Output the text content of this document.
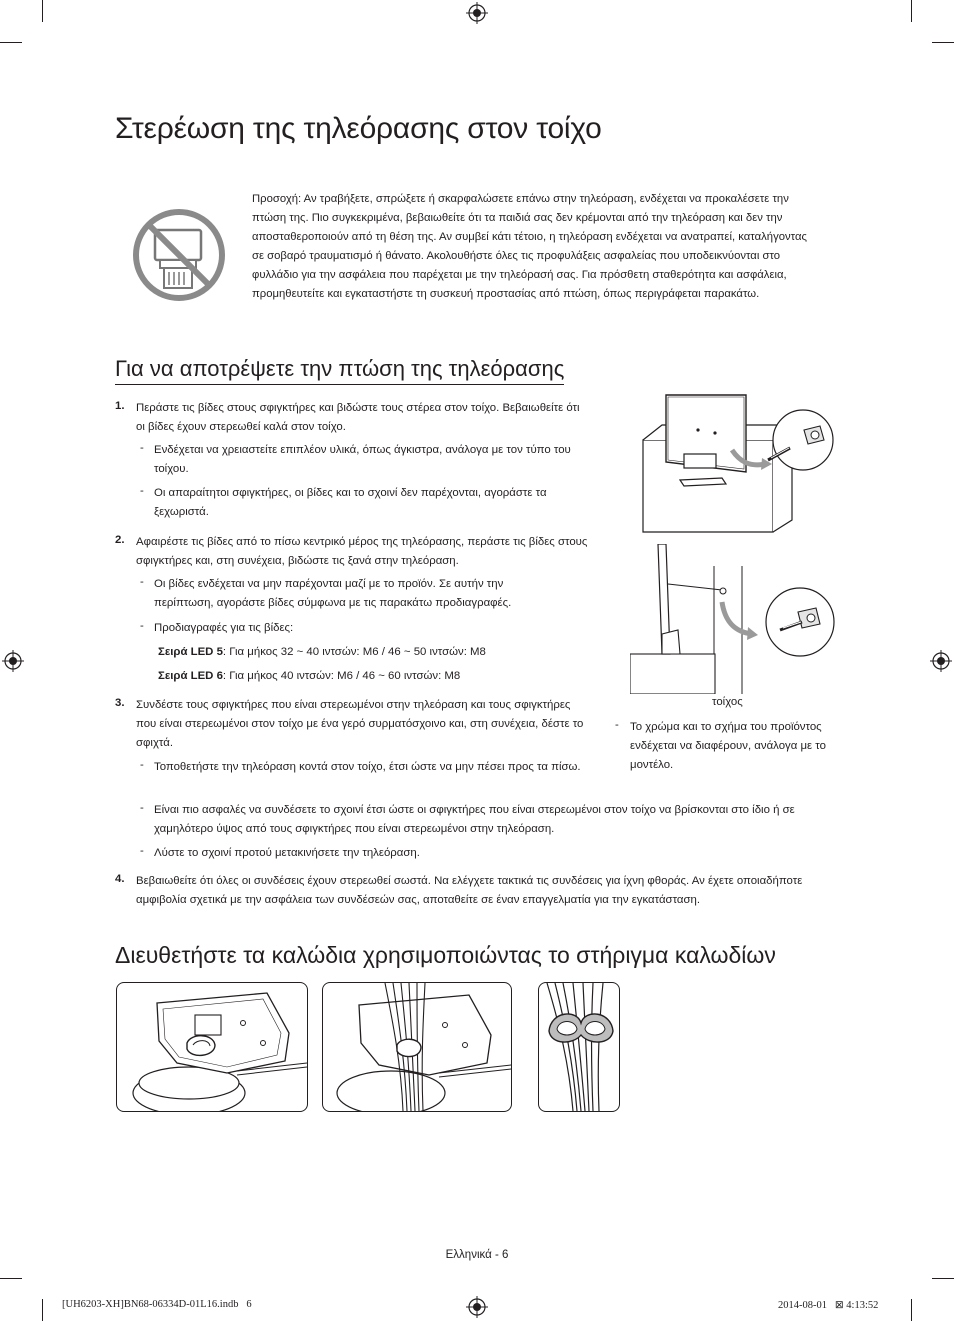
Στερέωση της τηλεόρασης στον τοίχο
Προσοχή: Αν τραβήξετε, σπρώξετε ή σκαρφαλώσετε επάνω στην τηλεόραση, ενδέχεται να προκαλέσετε την πτώση της. Πιο συγκεκριμένα, βεβαιωθείτε ότι τα παιδιά σας δεν κρέμονται από την τηλεόραση και δεν την αποσταθεροποιούν από τη θέση της. Αν συμβεί κάτι τέτοιο, η τηλεόραση ενδέχεται να ανατραπεί, καταλήγοντας σε σοβαρό τραυματισμό ή θάνατο. Ακολουθήστε όλες τις προφυλάξεις ασφαλείας που υποδεικνύονται στο φυλλάδιο για την ασφάλεια που παρέχεται με την τηλεόρασή σας. Για πρόσθετη σταθερότητα και ασφάλεια, προμηθευτείτε και εγκαταστήστε τη συσκευή προστασίας από πτώση, όπως περιγράφεται παρακάτω.
Για να αποτρέψετε την πτώση της τηλεόρασης
1. Περάστε τις βίδες στους σφιγκτήρες και βιδώστε τους στέρεα στον τοίχο. Βεβαιωθείτε ότι οι βίδες έχουν στερεωθεί καλά στον τοίχο.
- Ενδέχεται να χρειαστείτε επιπλέον υλικά, όπως άγκιστρα, ανάλογα με τον τύπο του τοίχου.
- Οι απαραίτητοι σφιγκτήρες, οι βίδες και το σχοινί δεν παρέχονται, αγοράστε τα ξεχωριστά.
2. Αφαιρέστε τις βίδες από το πίσω κεντρικό μέρος της τηλεόρασης, περάστε τις βίδες στους σφιγκτήρες και, στη συνέχεια, βιδώστε τις ξανά στην τηλεόραση.
- Οι βίδες ενδέχεται να μην παρέχονται μαζί με το προϊόν. Σε αυτήν την περίπτωση, αγοράστε βίδες σύμφωνα με τις παρακάτω προδιαγραφές.
- Προδιαγραφές για τις βίδες:
Σειρά LED 5: Για μήκος 32 ~ 40 ιντσών: M6 / 46 ~ 50 ιντσών: M8
Σειρά LED 6: Για μήκος 40 ιντσών: M6 / 46 ~ 60 ιντσών: M8
3. Συνδέστε τους σφιγκτήρες που είναι στερεωμένοι στην τηλεόραση και τους σφιγκτήρες που είναι στερεωμένοι στον τοίχο με ένα γερό συρματόσχοινο και, στη συνέχεια, δέστε το σφιχτά.
- Τοποθετήστε την τηλεόραση κοντά στον τοίχο, έτσι ώστε να μην πέσει προς τα πίσω.
- Είναι πιο ασφαλές να συνδέσετε το σχοινί έτσι ώστε οι σφιγκτήρες που είναι στερεωμένοι στον τοίχο να βρίσκονται στο ίδιο ή σε χαμηλότερο ύψος από τους σφιγκτήρες που είναι στερεωμένοι στην τηλεόραση.
- Λύστε το σχοινί προτού μετακινήσετε την τηλεόραση.
4. Βεβαιωθείτε ότι όλες οι συνδέσεις έχουν στερεωθεί σωστά. Να ελέγχετε τακτικά τις συνδέσεις για ίχνη φθοράς. Αν έχετε οποιαδήποτε αμφιβολία σχετικά με την ασφάλεια των συνδέσεών σας, αποταθείτε σε έναν επαγγελματία για την εγκατάσταση.
τοίχος
- Το χρώμα και το σχήμα του προϊόντος ενδέχεται να διαφέρουν, ανάλογα με το μοντέλο.
Διευθετήστε τα καλώδια χρησιμοποιώντας το στήριγμα καλωδίων
Ελληνικά - 6
[UH6203-XH]BN68-06334D-01L16.indb   6	2014-08-01   ⊠ 4:13:52
